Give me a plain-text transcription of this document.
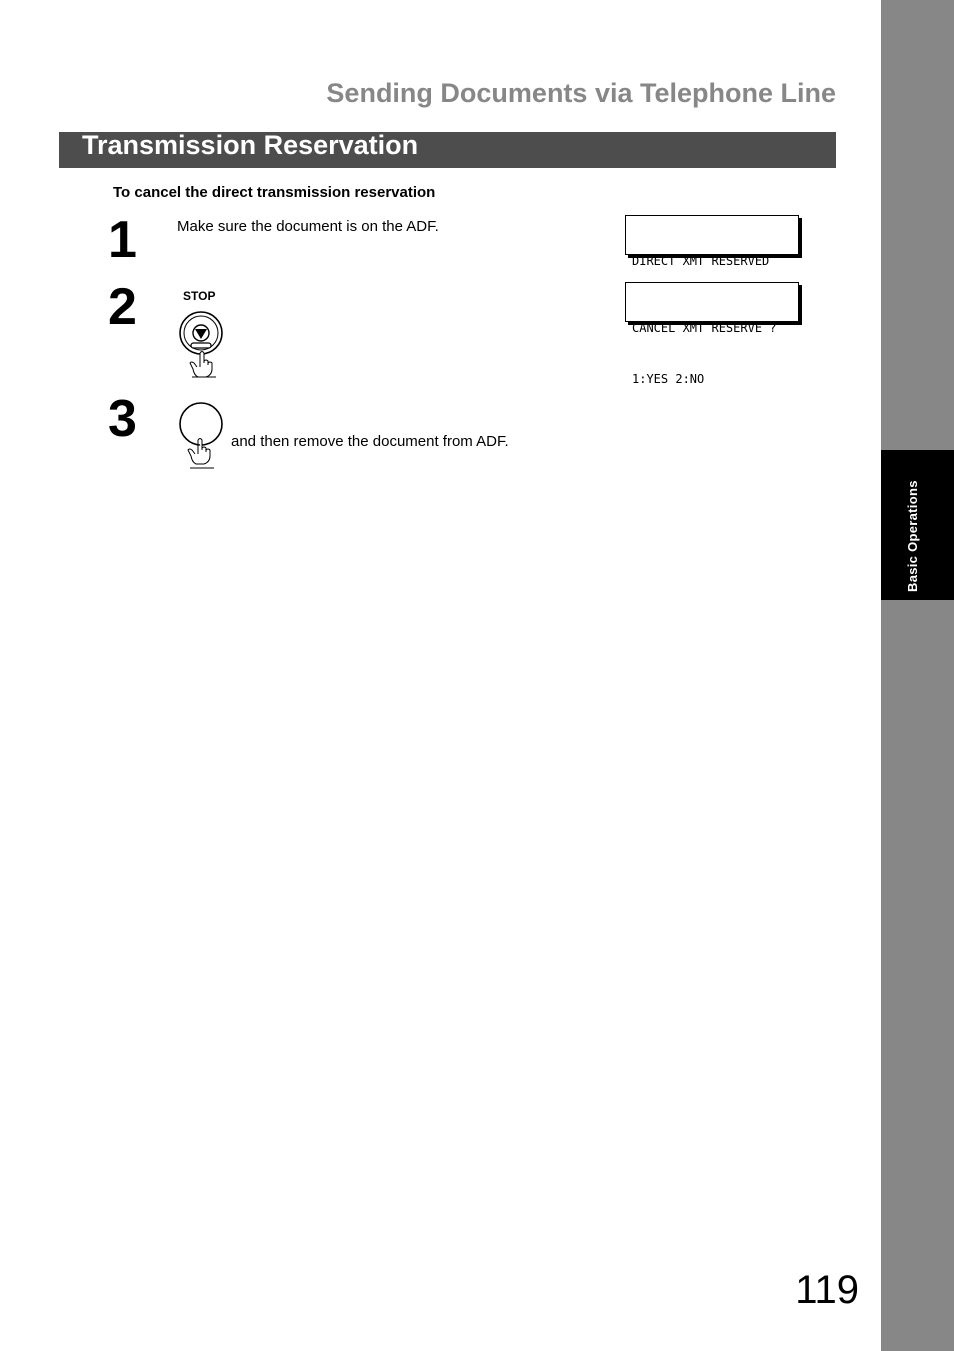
Basic Operations
Sending Documents via Telephone Line
Transmission Reservation
To cancel the direct transmission reservation
1	Make sure the document is on the ADF.

DIRECT XMT RESERVED

2	STOP

CANCEL XMT RESERVE ?

1:YES 2:NO

3	and then remove the document from ADF.
119
